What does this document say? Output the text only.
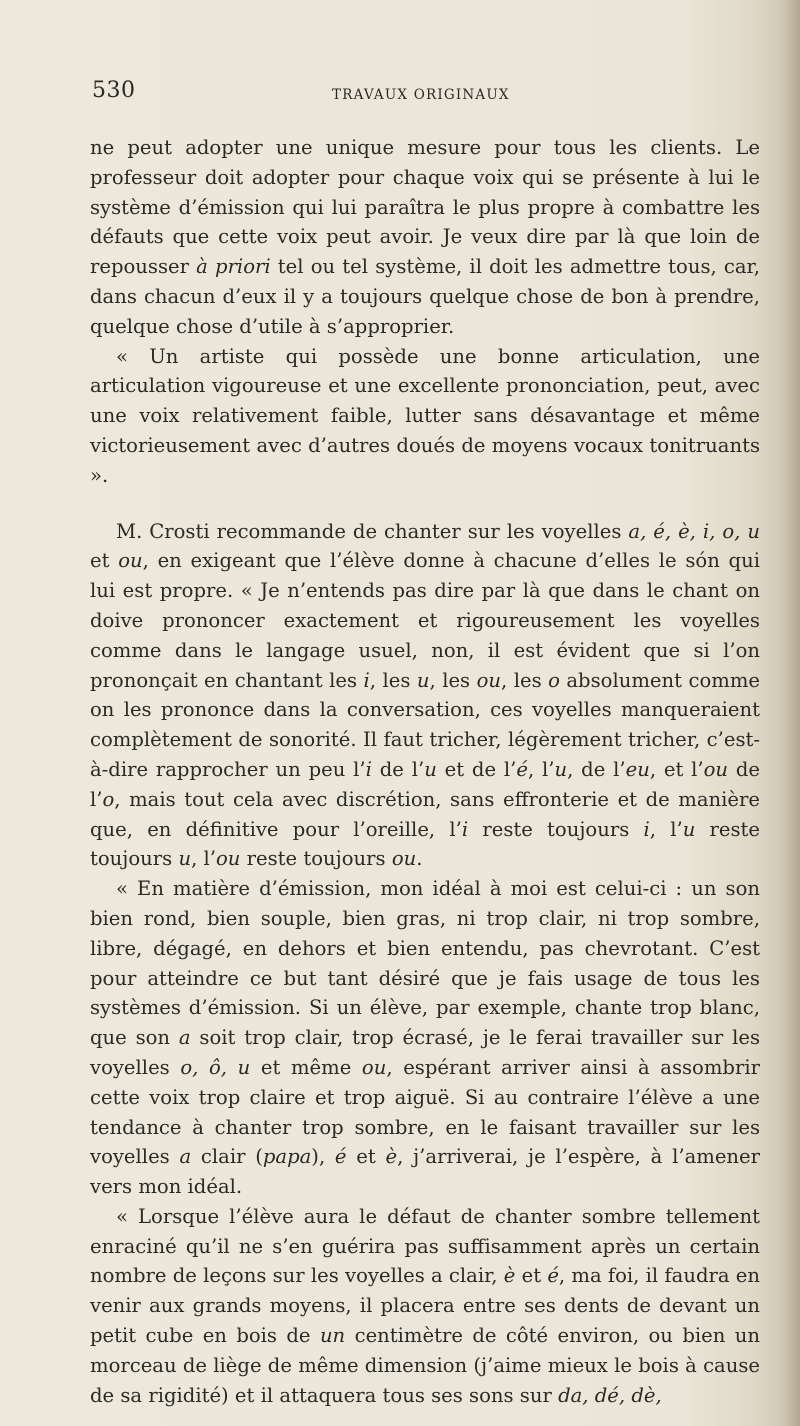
530	TRAVAUX ORIGINAUX

ne peut adopter une unique mesure pour tous les clients. Le professeur doit adopter pour chaque voix qui se présente à lui le système d’émission qui lui paraîtra le plus propre à combattre les défauts que cette voix peut avoir. Je veux dire par là que loin de repousser à priori tel ou tel système, il doit les admettre tous, car, dans chacun d’eux il y a toujours quelque chose de bon à prendre, quelque chose d’utile à s’approprier.

« Un artiste qui possède une bonne articulation, une articulation vigoureuse et une excellente prononciation, peut, avec une voix relativement faible, lutter sans désavantage et même victorieusement avec d’autres doués de moyens vocaux tonitruants ».

M. Crosti recommande de chanter sur les voyelles a, é, è, i, o, u et ou, en exigeant que l’élève donne à chacune d’elles le són qui lui est propre. « Je n’entends pas dire par là que dans le chant on doive prononcer exactement et rigoureusement les voyelles comme dans le langage usuel, non, il est évident que si l’on prononçait en chantant les i, les u, les ou, les o absolument comme on les prononce dans la conversation, ces voyelles manqueraient complètement de sonorité. Il faut tricher, légèrement tricher, c’est-à-dire rapprocher un peu l’i de l’u et de l’é, l’u, de l’eu, et l’ou de l’o, mais tout cela avec discrétion, sans effronterie et de manière que, en définitive pour l’oreille, l’i reste toujours i, l’u reste toujours u, l’ou reste toujours ou.

« En matière d’émission, mon idéal à moi est celui-ci : un son bien rond, bien souple, bien gras, ni trop clair, ni trop sombre, libre, dégagé, en dehors et bien entendu, pas chevrotant. C’est pour atteindre ce but tant désiré que je fais usage de tous les systèmes d’émission. Si un élève, par exemple, chante trop blanc, que son a soit trop clair, trop écrasé, je le ferai travailler sur les voyelles o, ô, u et même ou, espérant arriver ainsi à assombrir cette voix trop claire et trop aiguë. Si au contraire l’élève a une tendance à chanter trop sombre, en le faisant travailler sur les voyelles a clair (papa), é et è, j’arriverai, je l’espère, à l’amener vers mon idéal.

« Lorsque l’élève aura le défaut de chanter sombre tellement enraciné qu’il ne s’en guérira pas suffisamment après un certain nombre de leçons sur les voyelles a clair, è et é, ma foi, il faudra en venir aux grands moyens, il placera entre ses dents de devant un petit cube en bois de un centimètre de côté environ, ou bien un morceau de liège de même dimension (j’aime mieux le bois à cause de sa rigidité) et il attaquera tous ses sons sur da, dé, dè,
